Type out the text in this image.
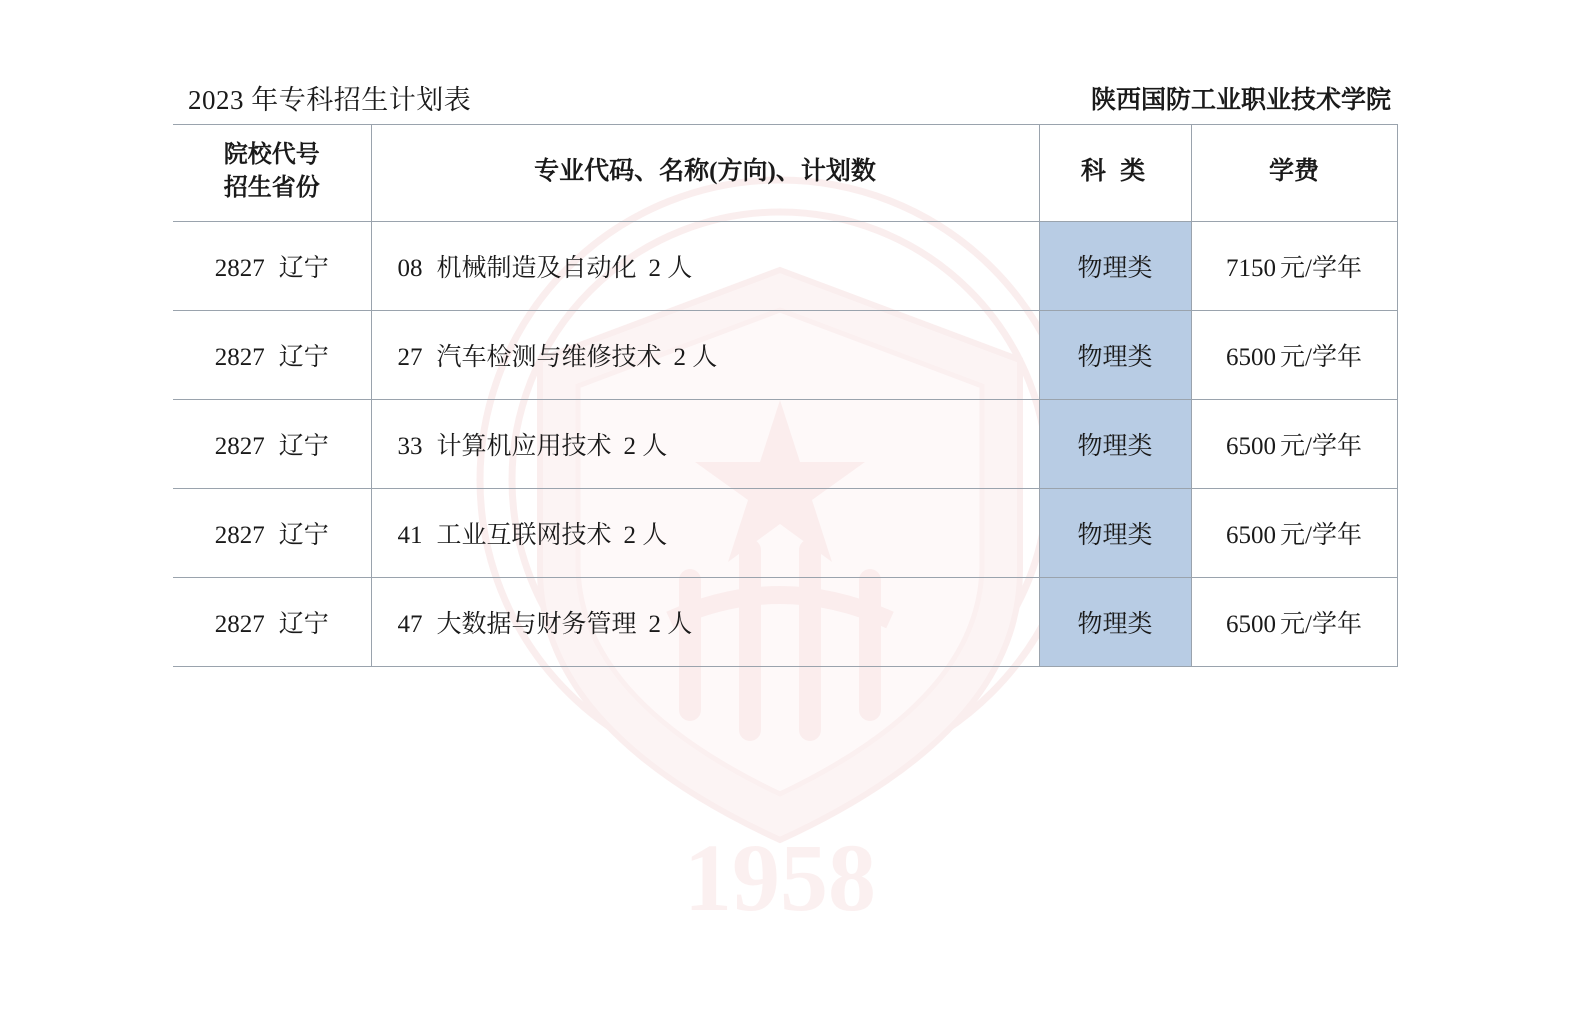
1958
2023 年专科招生计划表	陕西国防工业职业技术学院
院校代号
招生省份	专业代码、名称(方向)、计划数	科 类	学费
2827 辽宁	08 机械制造及自动化 2 人	物理类	7150 元/学年
2827 辽宁	27 汽车检测与维修技术 2 人	物理类	6500 元/学年
2827 辽宁	33 计算机应用技术 2 人	物理类	6500 元/学年
2827 辽宁	41 工业互联网技术 2 人	物理类	6500 元/学年
2827 辽宁	47 大数据与财务管理 2 人	物理类	6500 元/学年
